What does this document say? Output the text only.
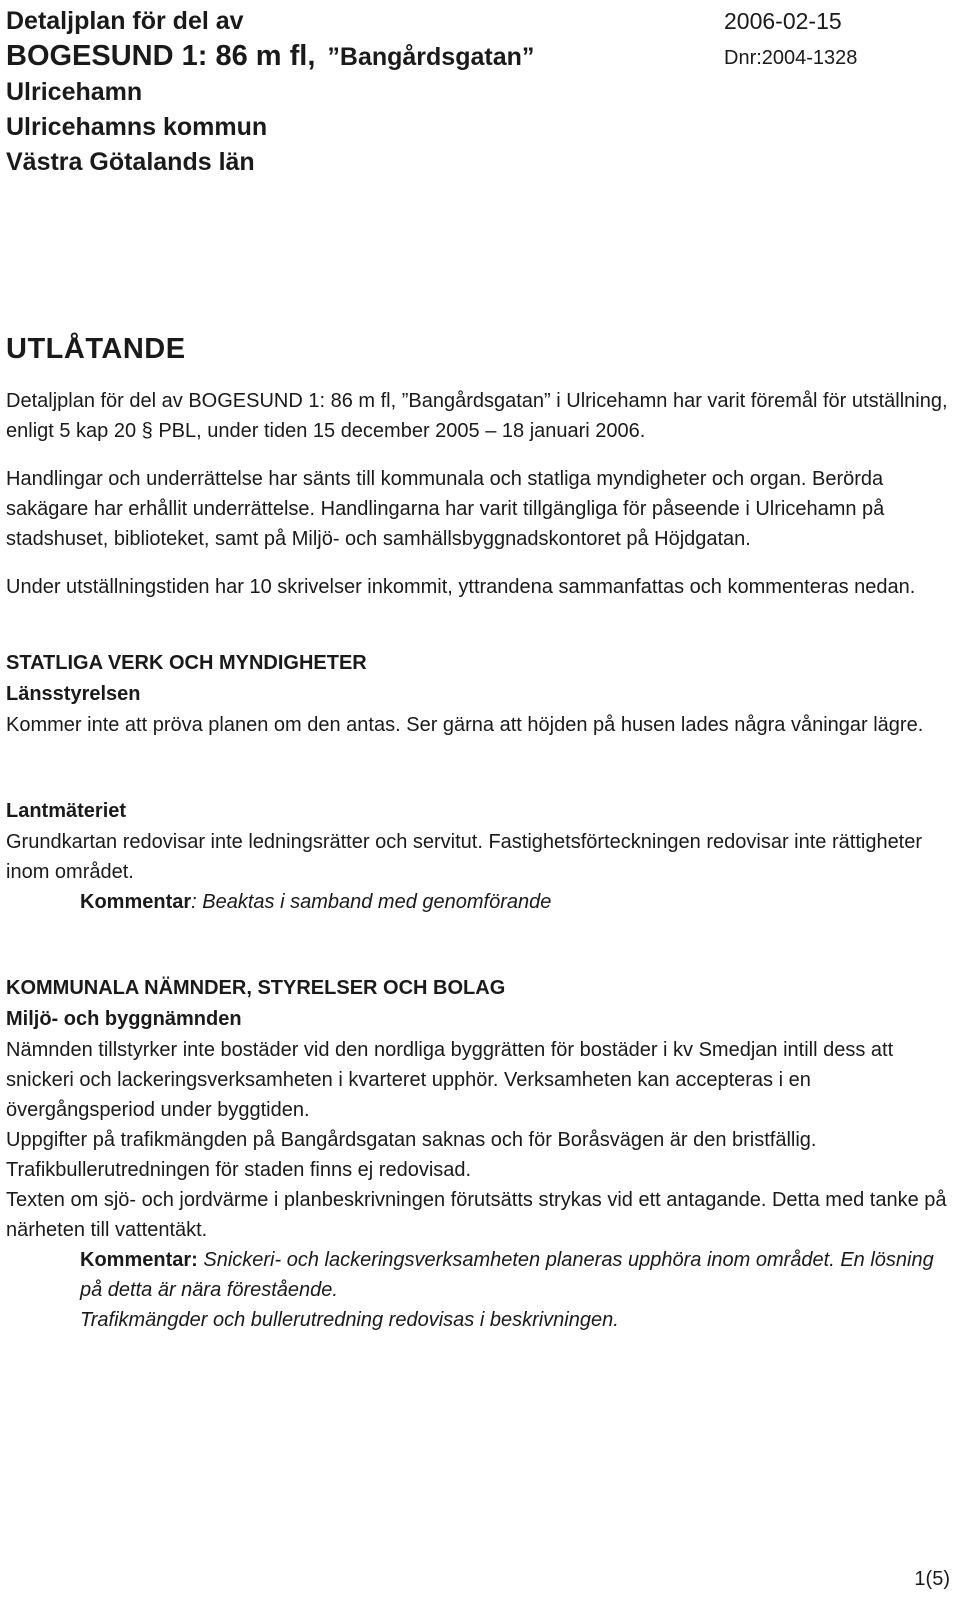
Detaljplan för del av
BOGESUND 1: 86 m fl, ”Bangårdsgatan”
Ulricehamn
Ulricehamns kommun
Västra Götalands län
2006-02-15
Dnr:2004-1328
UTLÅTANDE

Detaljplan för del av BOGESUND 1: 86 m fl, ”Bangårdsgatan” i Ulricehamn har varit föremål för utställning, enligt 5 kap 20 § PBL, under tiden 15 december 2005 – 18 januari 2006.

Handlingar och underrättelse har sänts till kommunala och statliga myndigheter och organ. Berörda sakägare har erhållit underrättelse. Handlingarna har varit tillgängliga för påseende i Ulricehamn på stadshuset, biblioteket, samt på Miljö- och samhällsbyggnadskontoret på Höjdgatan.

Under utställningstiden har 10 skrivelser inkommit, yttrandena sammanfattas och kommenteras nedan.

STATLIGA VERK OCH MYNDIGHETER
Länsstyrelsen

Kommer inte att pröva planen om den antas. Ser gärna att höjden på husen lades några våningar lägre.

Lantmäteriet

Grundkartan redovisar inte ledningsrätter och servitut. Fastighetsförteckningen redovisar inte rättigheter inom området.

Kommentar: Beaktas i samband med genomförande
KOMMUNALA NÄMNDER, STYRELSER OCH BOLAG
Miljö- och byggnämnden

Nämnden tillstyrker inte bostäder vid den nordliga byggrätten för bostäder i kv Smedjan intill dess att snickeri och lackeringsverksamheten i kvarteret upphör. Verksamheten kan accepteras i en övergångsperiod under byggtiden.

Uppgifter på trafikmängden på Bangårdsgatan saknas och för Boråsvägen är den bristfällig. Trafikbullerutredningen för staden finns ej redovisad.

Texten om sjö- och jordvärme i planbeskrivningen förutsätts strykas vid ett antagande. Detta med tanke på närheten till vattentäkt.

Kommentar: Snickeri- och lackeringsverksamheten planeras upphöra inom området. En lösning på detta är nära förestående.
Trafikmängder och bullerutredning redovisas i beskrivningen.
1(5)
